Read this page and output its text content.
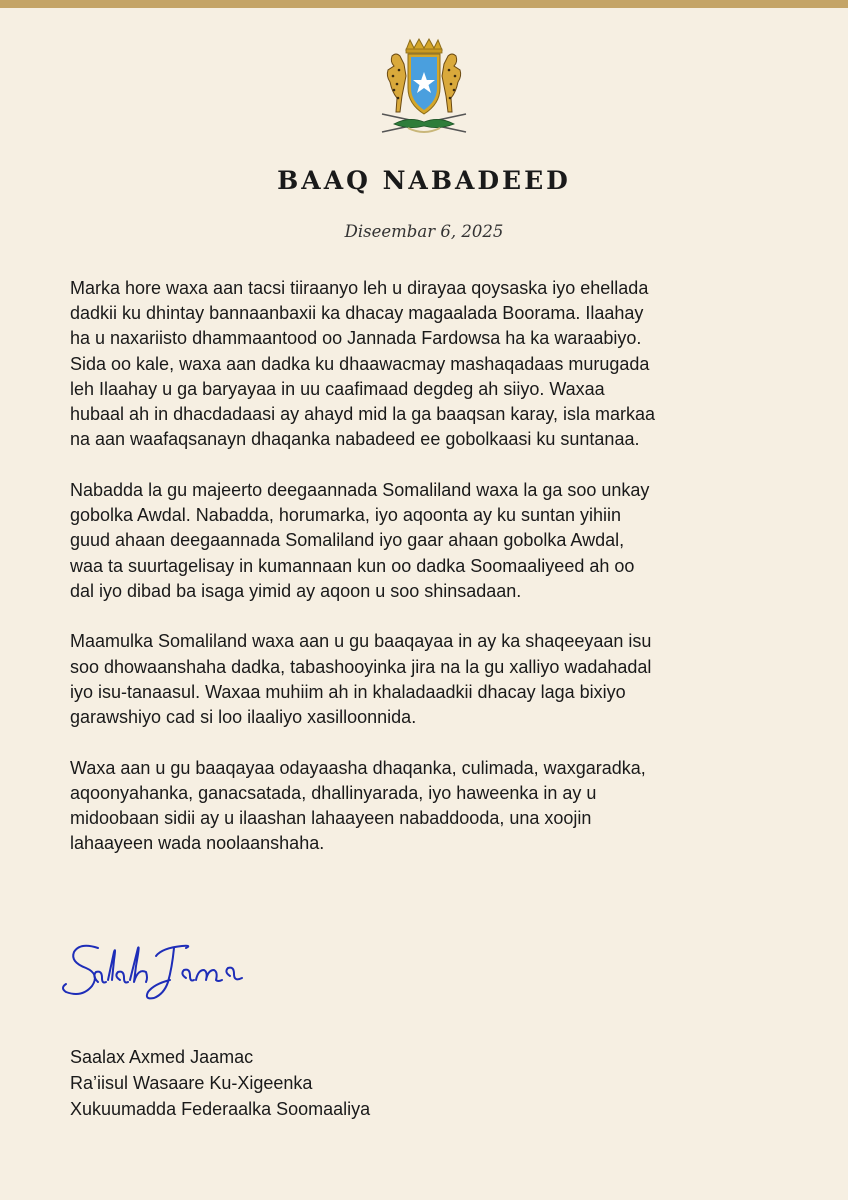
BAAQ NABADEED
Diseembar 6, 2025

Marka hore waxa aan tacsi tiiraanyo leh u dirayaa qoysaska iyo ehellada
dadkii ku dhintay bannaanbaxii ka dhacay magaalada Boorama. Ilaahay
ha u naxariisto dhammaantood oo Jannada Fardowsa ha ka waraabiyo.
Sida oo kale, waxa aan dadka ku dhaawacmay mashaqadaas murugada
leh Ilaahay u ga baryayaa in uu caafimaad degdeg ah siiyo. Waxaa
hubaal ah in dhacdadaasi ay ahayd mid la ga baaqsan karay, isla markaa
na aan waafaqsanayn dhaqanka nabadeed ee gobolkaasi ku suntanaa.

Nabadda la gu majeerto deegaannada Somaliland waxa la ga soo unkay
gobolka Awdal. Nabadda, horumarka, iyo aqoonta ay ku suntan yihiin
guud ahaan deegaannada Somaliland iyo gaar ahaan gobolka Awdal,
waa ta suurtagelisay in kumannaan kun oo dadka Soomaaliyeed ah oo
dal iyo dibad ba isaga yimid ay aqoon u soo shinsadaan.

Maamulka Somaliland waxa aan u gu baaqayaa in ay ka shaqeeyaan isu
soo dhowaanshaha dadka, tabashooyinka jira na la gu xalliyo wadahadal
iyo isu-tanaasul. Waxaa muhiim ah in khaladaadkii dhacay laga bixiyo
garawshiyo cad si loo ilaaliyo xasilloonnida.

Waxa aan u gu baaqayaa odayaasha dhaqanka, culimada, waxgaradka,
aqoonyahanka, ganacsatada, dhallinyarada, iyo haweenka in ay u
midoobaan sidii ay u ilaashan lahaayeen nabaddooda, una xoojin
lahaayeen wada noolaanshaha.

Saalax Axmed Jaamac
Ra’iisul Wasaare Ku-Xigeenka
Xukuumadda Federaalka Soomaaliya
